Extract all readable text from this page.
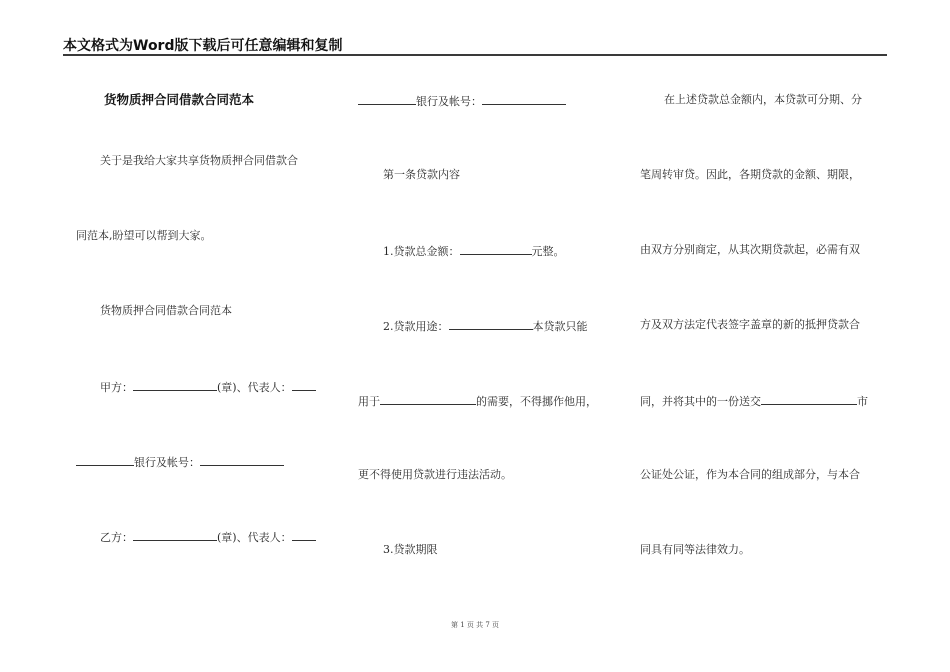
本文格式为Word版下载后可任意编辑和复制
货物质押合同借款合同范本
关于是我给大家共享货物质押合同借款合
同范本,盼望可以帮到大家。
货物质押合同借款合同范本
甲方：	(章)、代表人：
银行及帐号：
乙方：	(章)、代表人：
银行及帐号：
第一条贷款内容
1.贷款总金额：	元整。
2.贷款用途：	本贷款只能
用于	的需要，不得挪作他用，
更不得使用贷款进行违法活动。
3.贷款期限
在上述贷款总金额内，本贷款可分期、分
笔周转审贷。因此，各期贷款的金额、期限，
由双方分别商定，从其次期贷款起，必需有双
方及双方法定代表签字盖章的新的抵押贷款合
同，并将其中的一份送交	市
公证处公证，作为本合同的组成部分，与本合
同具有同等法律效力。
第 1 页 共 7 页
